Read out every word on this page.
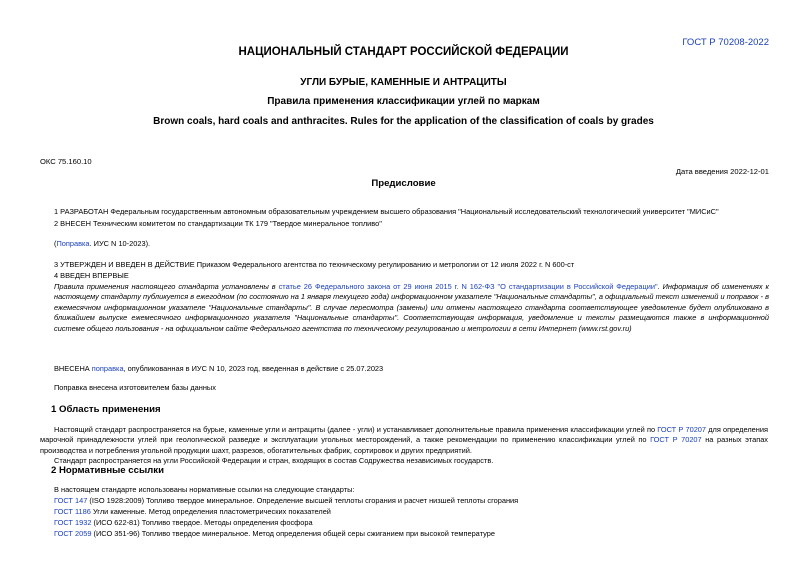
ГОСТ Р 70208-2022
НАЦИОНАЛЬНЫЙ СТАНДАРТ РОССИЙСКОЙ ФЕДЕРАЦИИ
УГЛИ БУРЫЕ, КАМЕННЫЕ И АНТРАЦИТЫ
Правила применения классификации углей по маркам
Brown coals, hard coals and anthracites. Rules for the application of the classification of coals by grades
ОКС 75.160.10
Дата введения 2022-12-01
Предисловие
1 РАЗРАБОТАН Федеральным государственным автономным образовательным учреждением высшего образования "Национальный исследовательский технологический университет "МИСиС"
2 ВНЕСЕН Техническим комитетом по стандартизации ТК 179 "Твердое минеральное топливо"
(Поправка. ИУС N 10-2023).
3 УТВЕРЖДЕН И ВВЕДЕН В ДЕЙСТВИЕ Приказом Федерального агентства по техническому регулированию и метрологии от 12 июля 2022 г. N 600-ст
4 ВВЕДЕН ВПЕРВЫЕ
Правила применения настоящего стандарта установлены в статье 26 Федерального закона от 29 июня 2015 г. N 162-ФЗ "О стандартизации в Российской Федерации". Информация об изменениях к настоящему стандарту публикуется в ежегодном (по состоянию на 1 января текущего года) информационном указателе "Национальные стандарты", а официальный текст изменений и поправок - в ежемесячном информационном указателе "Национальные стандарты". В случае пересмотра (замены) или отмены настоящего стандарта соответствующее уведомление будет опубликовано в ближайшем выпуске ежемесячного информационного указателя "Национальные стандарты". Соответствующая информация, уведомление и тексты размещаются также в информационной системе общего пользования - на официальном сайте Федерального агентства по техническому регулированию и метрологии в сети Интернет (www.rst.gov.ru)
ВНЕСЕНА поправка, опубликованная в ИУС N 10, 2023 год, введенная в действие с 25.07.2023
Поправка внесена изготовителем базы данных
1 Область применения
Настоящий стандарт распространяется на бурые, каменные угли и антрациты (далее - угли) и устанавливает дополнительные правила применения классификации углей по ГОСТ Р 70207 для определения марочной принадлежности углей при геологической разведке и эксплуатации угольных месторождений, а также рекомендации по применению классификации углей по ГОСТ Р 70207 на разных этапах производства и потребления угольной продукции шахт, разрезов, обогатительных фабрик, сортировок и других предприятий.
Стандарт распространяется на угли Российской Федерации и стран, входящих в состав Содружества независимых государств.
2 Нормативные ссылки
В настоящем стандарте использованы нормативные ссылки на следующие стандарты:
ГОСТ 147 (ISO 1928:2009) Топливо твердое минеральное. Определение высшей теплоты сгорания и расчет низшей теплоты сгорания
ГОСТ 1186 Угли каменные. Метод определения пластометрических показателей
ГОСТ 1932 (ИСО 622-81) Топливо твердое. Методы определения фосфора
ГОСТ 2059 (ИСО 351-96) Топливо твердое минеральное. Метод определения общей серы сжиганием при высокой температуре
